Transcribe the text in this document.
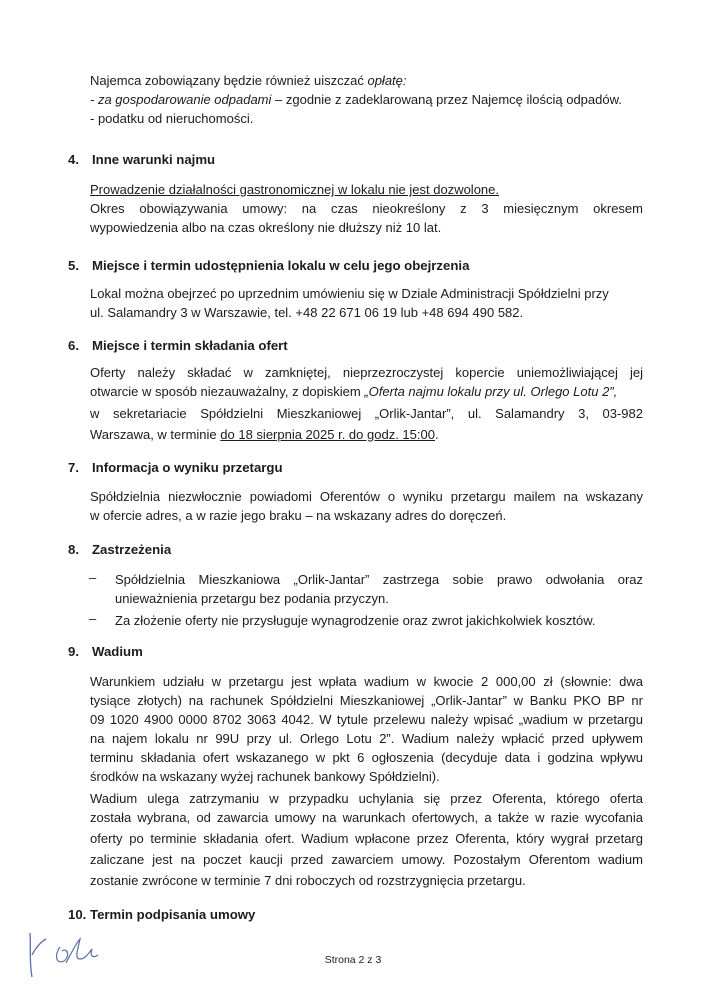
Najemca zobowiązany będzie również uiszczać opłatę:

- za gospodarowanie odpadami – zgodnie z zadeklarowaną przez Najemcę ilością odpadów.

- podatku od nieruchomości.

4. Inne warunki najmu

Prowadzenie działalności gastronomicznej w lokalu nie jest dozwolone.

Okres obowiązywania umowy: na czas nieokreślony z 3 miesięcznym okresem

wypowiedzenia albo na czas określony nie dłuższy niż 10 lat.

5. Miejsce i termin udostępnienia lokalu w celu jego obejrzenia

Lokal można obejrzeć po uprzednim umówieniu się w Dziale Administracji Spółdzielni przy

ul. Salamandry 3 w Warszawie, tel. +48 22 671 06 19 lub +48 694 490 582.

6. Miejsce i termin składania ofert

Oferty należy składać w zamkniętej, nieprzezroczystej kopercie uniemożliwiającej jej

otwarcie w sposób niezauważalny, z dopiskiem „Oferta najmu lokalu przy ul. Orlego Lotu 2”,

w sekretariacie Spółdzielni Mieszkaniowej „Orlik-Jantar”, ul. Salamandry 3, 03-982

Warszawa, w terminie do 18 sierpnia 2025 r. do godz. 15:00.

7. Informacja o wyniku przetargu

Spółdzielnia niezwłocznie powiadomi Oferentów o wyniku przetargu mailem na wskazany

w ofercie adres, a w razie jego braku – na wskazany adres do doręczeń.

8. Zastrzeżenia

– Spółdzielnia Mieszkaniowa „Orlik-Jantar” zastrzega sobie prawo odwołania oraz

unieważnienia przetargu bez podania przyczyn.

– Za złożenie oferty nie przysługuje wynagrodzenie oraz zwrot jakichkolwiek kosztów.

9. Wadium

Warunkiem udziału w przetargu jest wpłata wadium w kwocie 2 000,00 zł (słownie: dwa

tysiące złotych) na rachunek Spółdzielni Mieszkaniowej „Orlik-Jantar” w Banku PKO BP nr

09 1020 4900 0000 8702 3063 4042. W tytule przelewu należy wpisać „wadium w przetargu

na najem lokalu nr 99U przy ul. Orlego Lotu 2”. Wadium należy wpłacić przed upływem

terminu składania ofert wskazanego w pkt 6 ogłoszenia (decyduje data i godzina wpływu

środków na wskazany wyżej rachunek bankowy Spółdzielni).

Wadium ulega zatrzymaniu w przypadku uchylania się przez Oferenta, którego oferta

została wybrana, od zawarcia umowy na warunkach ofertowych, a także w razie wycofania

oferty po terminie składania ofert. Wadium wpłacone przez Oferenta, który wygrał przetarg

zaliczane jest na poczet kaucji przed zawarciem umowy. Pozostałym Oferentom wadium

zostanie zwrócone w terminie 7 dni roboczych od rozstrzygnięcia przetargu.

10. Termin podpisania umowy

Strona 2 z 3
